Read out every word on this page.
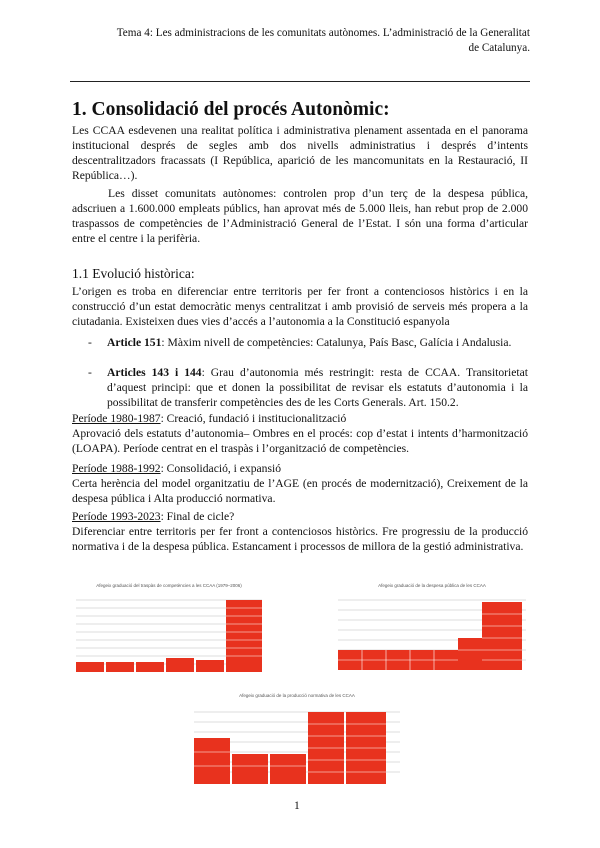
Tema 4: Les administracions de les comunitats autònomes. L’administració de la Generalitat
de Catalunya.
1. Consolidació del procés Autonòmic:
Les CCAA esdevenen una realitat política i administrativa plenament assentada en el panorama institucional després de segles amb dos nivells administratius i després d’intents descentralitzadors fracassats (I República, aparició de les mancomunitats en la Restauració, II República…).
Les disset comunitats autònomes: controlen prop d’un terç de la despesa pública, adscriuen a 1.600.000 empleats públics, han aprovat més de 5.000 lleis, han rebut prop de 2.000 traspassos de competències de l’Administració General de l’Estat. I són una forma d’articular entre el centre i la perifèria.
1.1 Evolució històrica:
L’origen es troba en diferenciar entre territoris per fer front a contenciosos històrics i en la construcció d’un estat democràtic menys centralitzat i amb provisió de serveis més propera a la ciutadania. Existeixen dues vies d’accés a l’autonomia a la Constitució espanyola
- Article 151: Màxim nivell de competències: Catalunya, País Basc, Galícia i Andalusia.
- Articles 143 i 144: Grau d’autonomia més restringit: resta de CCAA. Transitorietat d’aquest principi: que et donen la possibilitat de revisar els estatuts d’autonomia i la possibilitat de transferir competències des de les Corts Generals. Art. 150.2.
Període 1980-1987: Creació, fundació i institucionalització
Aprovació dels estatuts d’autonomia– Ombres en el procés: cop d’estat i intents d’harmonització (LOAPA). Període centrat en el traspàs i l’organització de competències.
Període 1988-1992: Consolidació, i expansió
Certa herència del model organitzatiu de l’AGE (en procés de modernització), Creixement de la despesa pública i Alta producció normativa.
Període 1993-2023: Final de cicle?
Diferenciar entre territoris per fer front a contenciosos històrics. Fre progressiu de la producció normativa i de la despesa pública. Estancament i processos de millora de la gestió administrativa.
Afegeix graduació del traspàs de competències a les CCAA (1979–2006)	Afegeix graduació de la despesa pública de les CCAA
Afegeix graduació de la producció normativa de les CCAA
1
